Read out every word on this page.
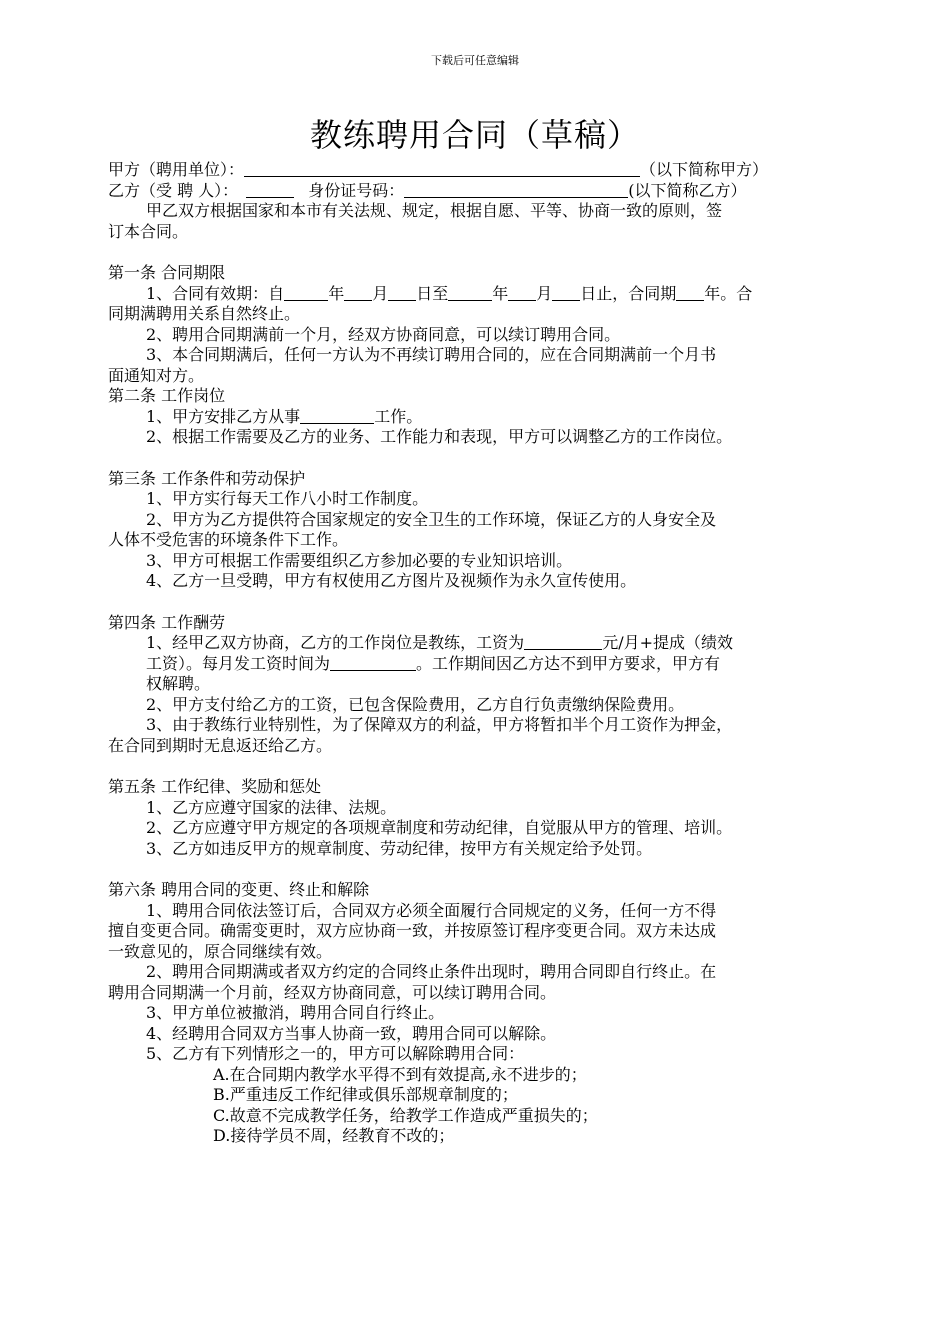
下载后可任意编辑
教练聘用合同（草稿）

甲方（聘用单位）：	（以下简称甲方）

乙方（受 聘 人）：	身份证号码：	(以下简称乙方）

甲乙双方根据国家和本市有关法规、规定，根据自愿、平等、协商一致的原则，签

订本合同。

第一条 合同期限

1、合同有效期：自	年 月 日至	年 月 日止，合同期 年。合

同期满聘用关系自然终止。

2、聘用合同期满前一个月，经双方协商同意，可以续订聘用合同。

3、本合同期满后，任何一方认为不再续订聘用合同的，应在合同期满前一个月书

面通知对方。

第二条 工作岗位

1、甲方安排乙方从事	工作。

2、根据工作需要及乙方的业务、工作能力和表现，甲方可以调整乙方的工作岗位。

第三条 工作条件和劳动保护

1、甲方实行每天工作八小时工作制度。

2、甲方为乙方提供符合国家规定的安全卫生的工作环境，保证乙方的人身安全及

人体不受危害的环境条件下工作。

3、甲方可根据工作需要组织乙方参加必要的专业知识培训。

4、乙方一旦受聘，甲方有权使用乙方图片及视频作为永久宣传使用。

第四条 工作酬劳

1、经甲乙双方协商，乙方的工作岗位是教练，工资为	元/月+提成（绩效

工资）。每月发工资时间为	。工作期间因乙方达不到甲方要求，甲方有

权解聘。

2、甲方支付给乙方的工资，已包含保险费用，乙方自行负责缴纳保险费用。

3、由于教练行业特别性，为了保障双方的利益，甲方将暂扣半个月工资作为押金，

在合同到期时无息返还给乙方。

第五条 工作纪律、奖励和惩处

1、乙方应遵守国家的法律、法规。

2、乙方应遵守甲方规定的各项规章制度和劳动纪律，自觉服从甲方的管理、培训。

3、乙方如违反甲方的规章制度、劳动纪律，按甲方有关规定给予处罚。

第六条 聘用合同的变更、终止和解除

1、聘用合同依法签订后，合同双方必须全面履行合同规定的义务，任何一方不得

擅自变更合同。确需变更时，双方应协商一致，并按原签订程序变更合同。双方未达成

一致意见的，原合同继续有效。

2、聘用合同期满或者双方约定的合同终止条件出现时，聘用合同即自行终止。在

聘用合同期满一个月前，经双方协商同意，可以续订聘用合同。

3、甲方单位被撤消，聘用合同自行终止。

4、经聘用合同双方当事人协商一致，聘用合同可以解除。

5、乙方有下列情形之一的，甲方可以解除聘用合同：

A.在合同期内教学水平得不到有效提高,永不进步的；

B.严重违反工作纪律或俱乐部规章制度的；

C.故意不完成教学任务，给教学工作造成严重损失的；

D.接待学员不周，经教育不改的；
